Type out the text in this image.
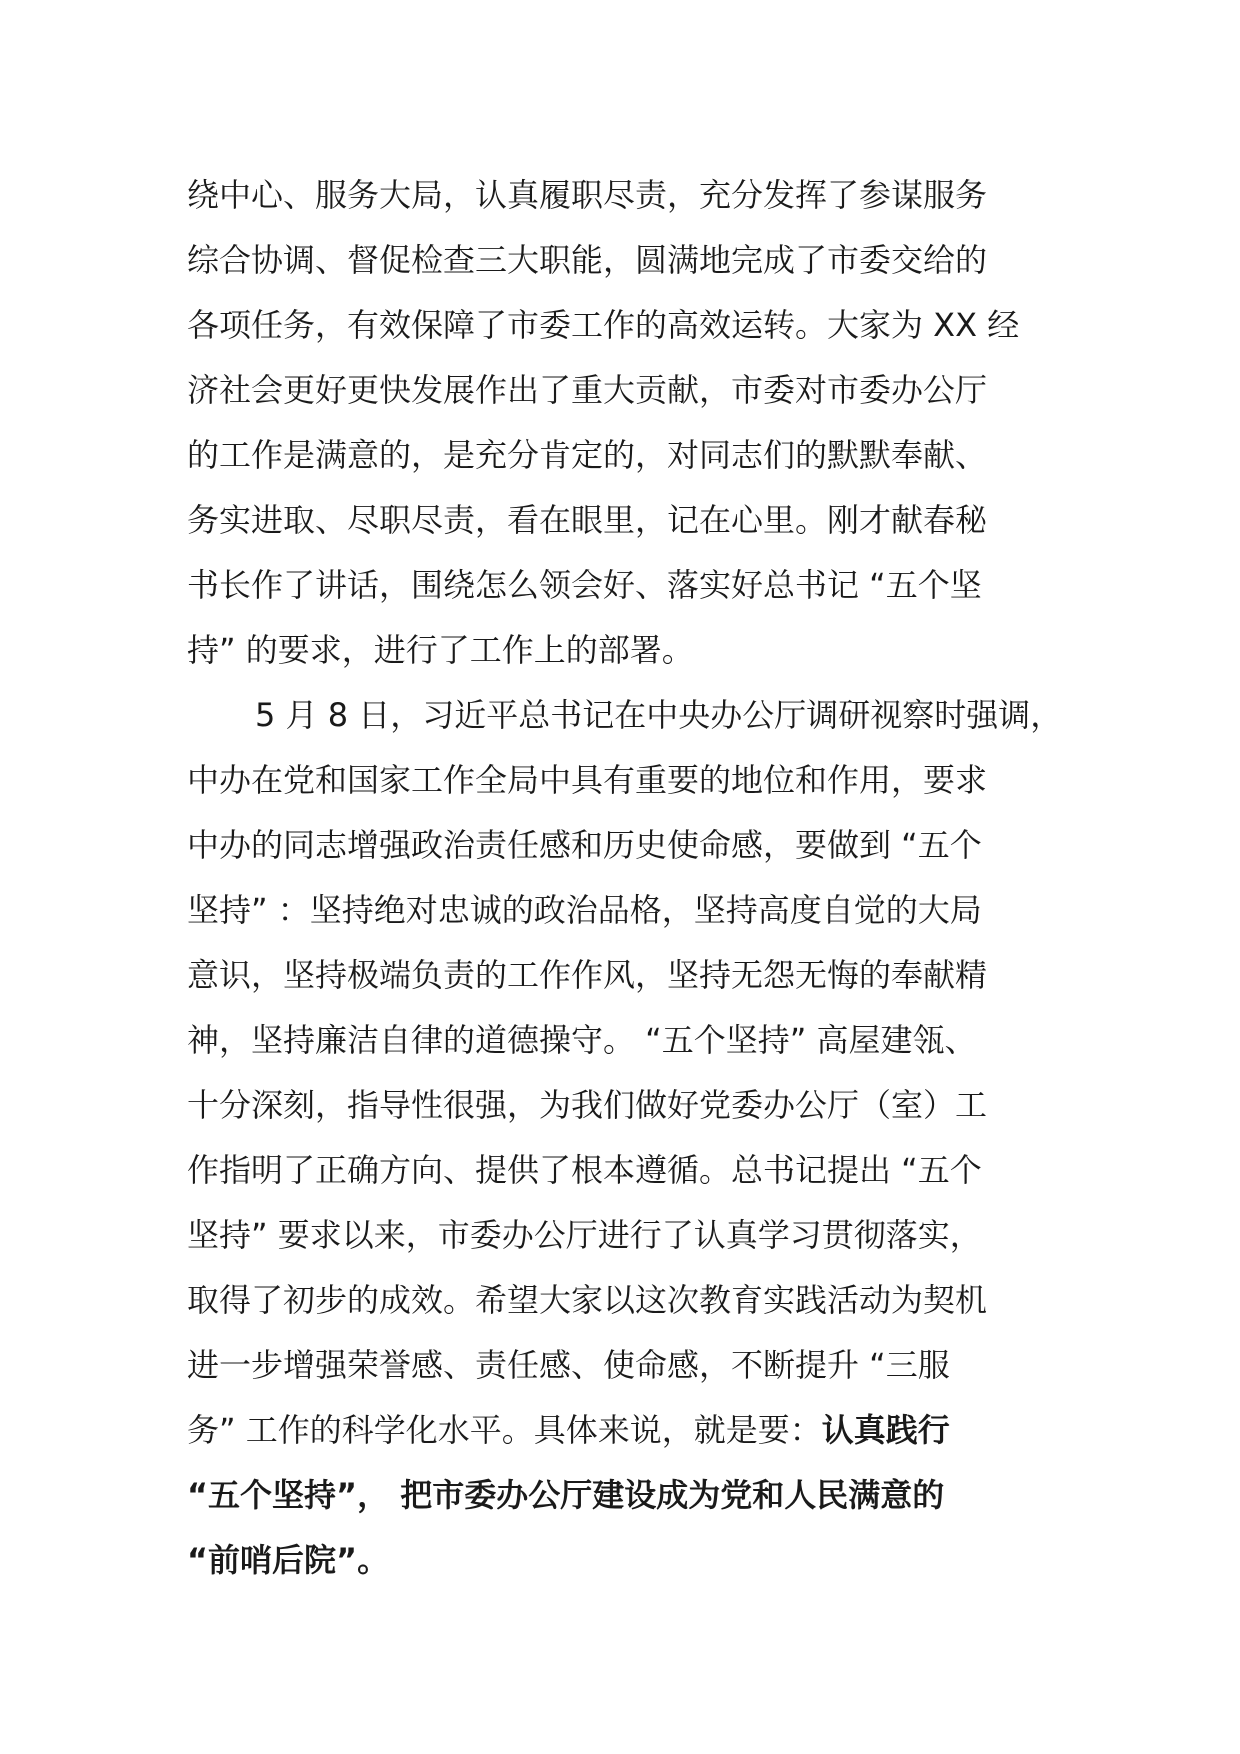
绕中心、服务大局，认真履职尽责，充分发挥了参谋服务
综合协调、督促检查三大职能，圆满地完成了市委交给的
各项任务，有效保障了市委工作的高效运转。大家为 XX 经
济社会更好更快发展作出了重大贡献，市委对市委办公厅
的工作是满意的，是充分肯定的，对同志们的默默奉献、
务实进取、尽职尽责，看在眼里，记在心里。刚才献春秘
书长作了讲话，围绕怎么领会好、落实好总书记 “五个坚
持” 的要求，进行了工作上的部署。
5 月 8 日，习近平总书记在中央办公厅调研视察时强调，
中办在党和国家工作全局中具有重要的地位和作用，要求
中办的同志增强政治责任感和历史使命感，要做到 “五个
坚持” ：坚持绝对忠诚的政治品格，坚持高度自觉的大局
意识，坚持极端负责的工作作风，坚持无怨无悔的奉献精
神，坚持廉洁自律的道德操守。 “五个坚持” 高屋建瓴、
十分深刻，指导性很强，为我们做好党委办公厅（室）工
作指明了正确方向、提供了根本遵循。总书记提出 “五个
坚持” 要求以来，市委办公厅进行了认真学习贯彻落实，
取得了初步的成效。希望大家以这次教育实践活动为契机
进一步增强荣誉感、责任感、使命感，不断提升 “三服
务” 工作的科学化水平。具体来说，就是要：认真践行
“五个坚持”， 把市委办公厅建设成为党和人民满意的
“前哨后院”。
